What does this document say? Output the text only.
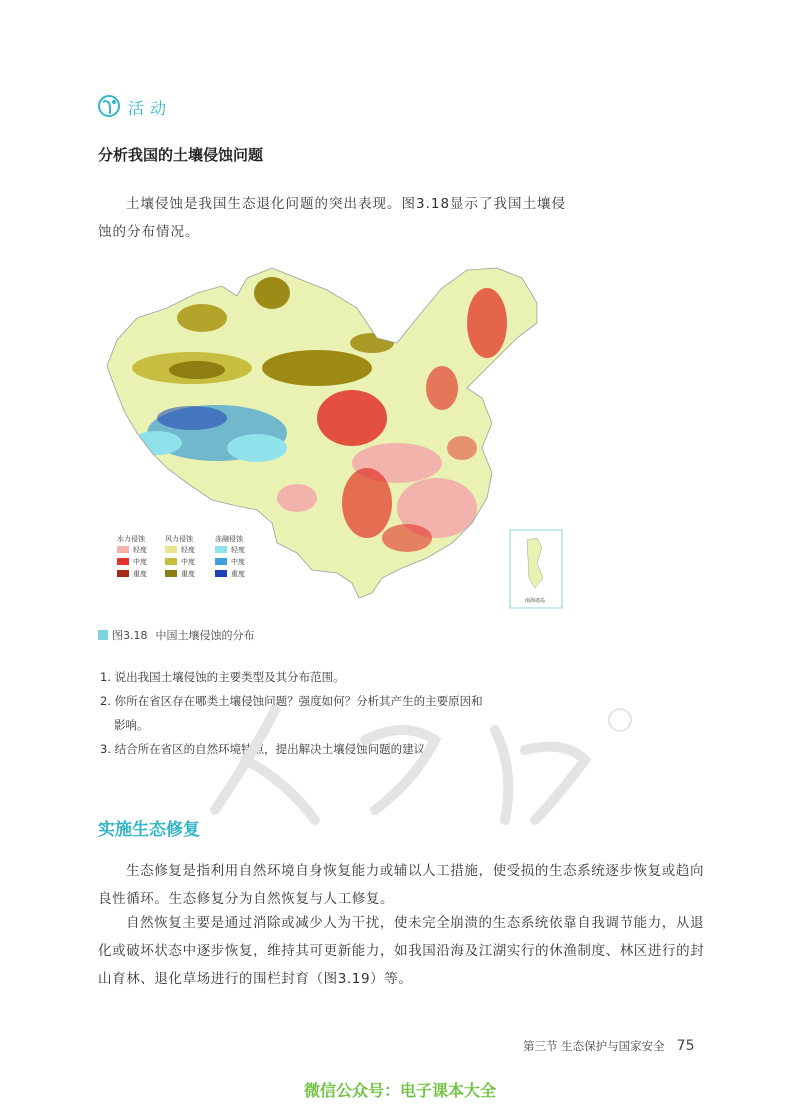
活动
分析我国的土壤侵蚀问题
土壤侵蚀是我国生态退化问题的突出表现。图3.18显示了我国土壤侵蚀的分布情况。
水力侵蚀	风力侵蚀	冻融侵蚀
轻度
中度
重度
轻度
中度
重度
轻度
中度
重度
南海诸岛
图3.18 中国土壤侵蚀的分布
1. 说出我国土壤侵蚀的主要类型及其分布范围。
2. 你所在省区存在哪类土壤侵蚀问题？强度如何？分析其产生的主要原因和
影响。
3. 结合所在省区的自然环境特点，提出解决土壤侵蚀问题的建议。
实施生态修复
生态修复是指利用自然环境自身恢复能力或辅以人工措施，使受损的生态系统逐步恢复或趋向良性循环。生态修复分为自然恢复与人工修复。
自然恢复主要是通过消除或减少人为干扰，使未完全崩溃的生态系统依靠自我调节能力，从退化或破坏状态中逐步恢复，维持其可更新能力，如我国沿海及江湖实行的休渔制度、林区进行的封山育林、退化草场进行的围栏封育（图3.19）等。
第三节 生态保护与国家安全 75
微信公众号：电子课本大全
